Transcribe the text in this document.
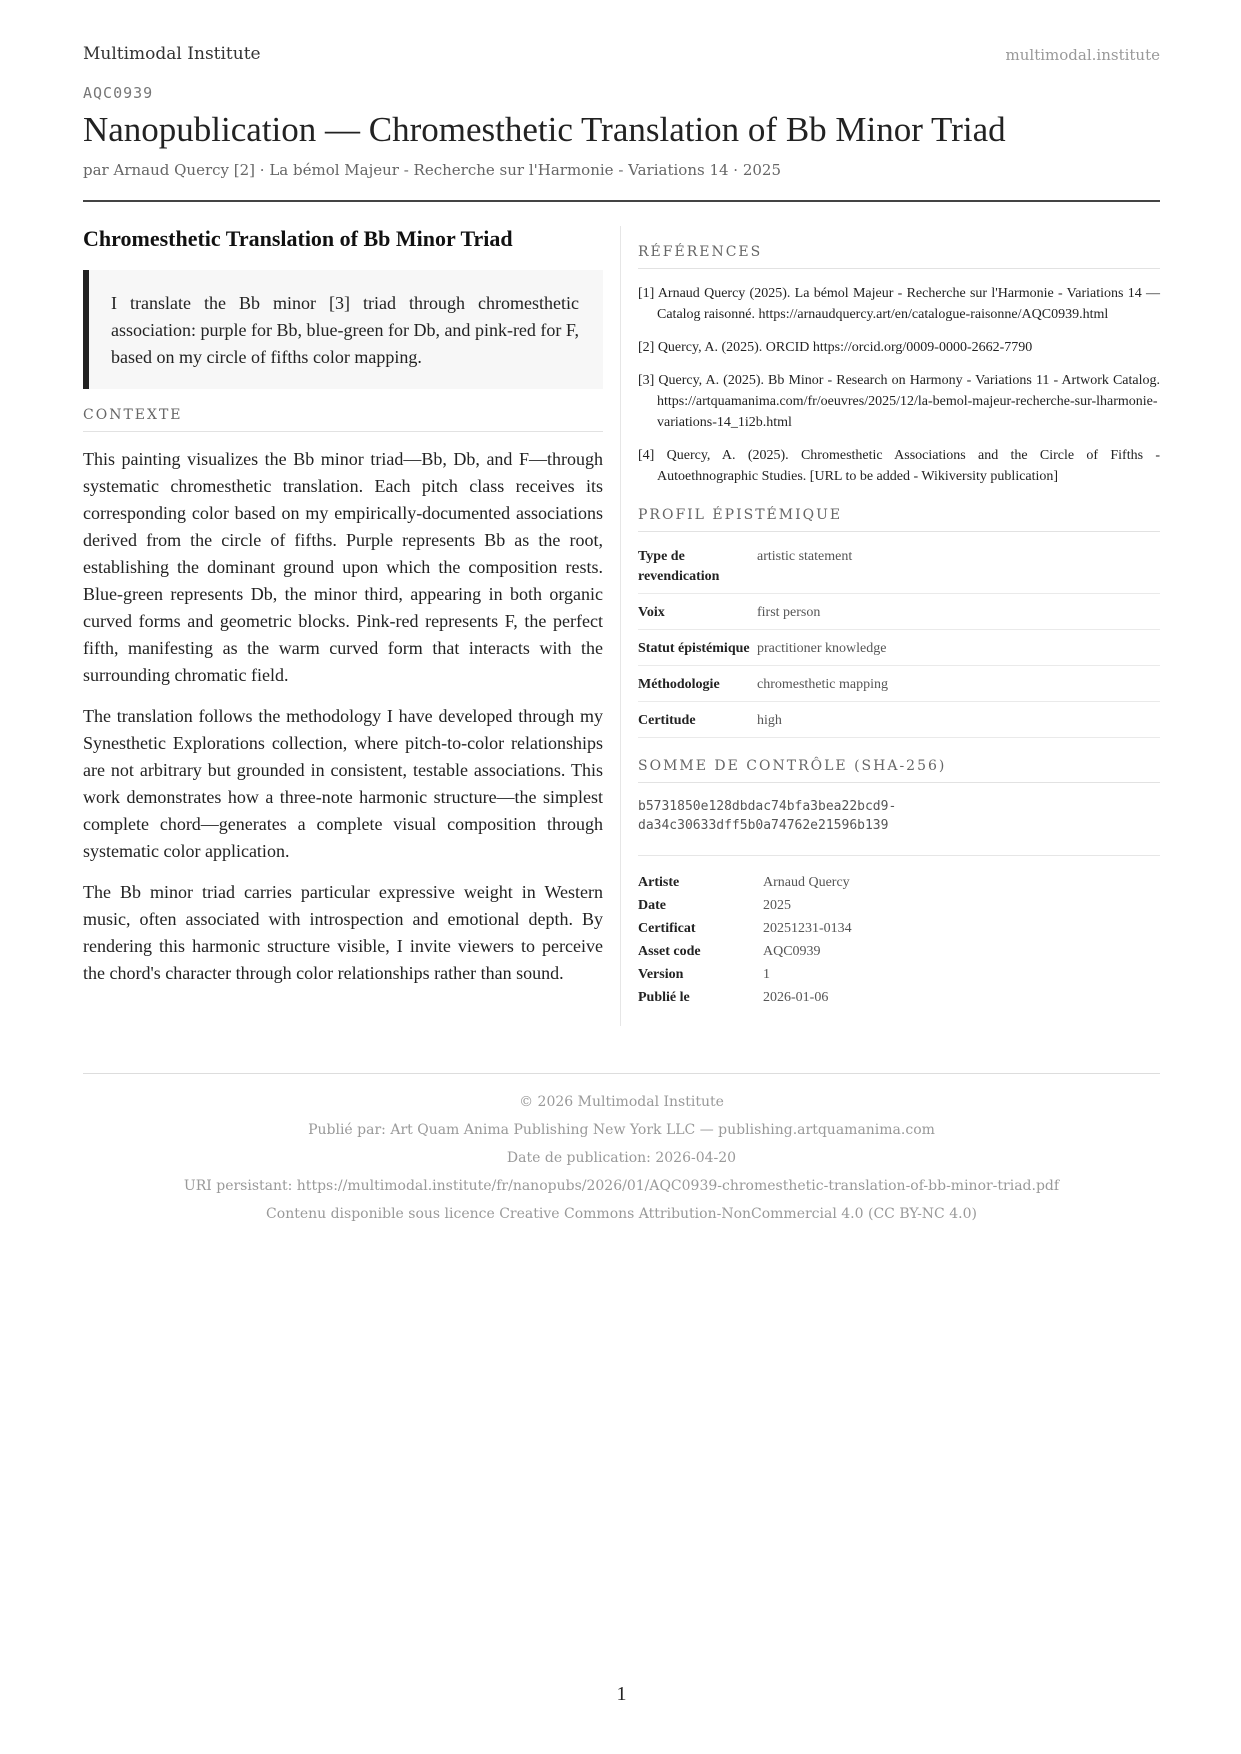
Multimodal Institute	multimodal.institute
AQC0939
Nanopublication — Chromesthetic Translation of Bb Minor Triad
par Arnaud Quercy [2] · La bémol Majeur - Recherche sur l'Harmonie - Variations 14 · 2025
Chromesthetic Translation of Bb Minor Triad
I translate the Bb minor [3] triad through chromesthetic association: purple for Bb, blue-green for Db, and pink-red for F, based on my circle of fifths color mapping.
CONTEXTE

This painting visualizes the Bb minor triad—Bb, Db, and F—through systematic chromesthetic translation. Each pitch class receives its corresponding color based on my empirically-documented associations derived from the circle of fifths. Purple represents Bb as the root, establishing the dominant ground upon which the composition rests. Blue-green represents Db, the minor third, appearing in both organic curved forms and geometric blocks. Pink-red represents F, the perfect fifth, manifesting as the warm curved form that interacts with the surrounding chromatic field.

The translation follows the methodology I have developed through my Synesthetic Explorations collection, where pitch-to-color relationships are not arbitrary but grounded in consistent, testable associations. This work demonstrates how a three-note harmonic structure—the simplest complete chord—generates a complete visual composition through systematic color application.

The Bb minor triad carries particular expressive weight in Western music, often associated with introspection and emotional depth. By rendering this harmonic structure visible, I invite viewers to perceive the chord's character through color relationships rather than sound.

RÉFÉRENCES
[1] Arnaud Quercy (2025). La bémol Majeur - Recherche sur l'Harmonie - Variations 14 — Catalog raisonné. https://arnaudquercy.art/en/catalogue-raisonne/AQC0939.html
[2] Quercy, A. (2025). ORCID https://orcid.org/0009-0000-2662-7790
[3] Quercy, A. (2025). Bb Minor - Research on Harmony - Variations 11 - Artwork Catalog. https://artquamanima.com/fr/oeuvres/2025/12/la-bemol-majeur-recherche-sur-lharmonie-variations-14_1i2b.html
[4] Quercy, A. (2025). Chromesthetic Associations and the Circle of Fifths - Autoethnographic Studies. [URL to be added - Wikiversity publication]
PROFIL ÉPISTÉMIQUE
Type de revendication	artistic statement
Voix	first person
Statut épistémique	practitioner knowledge
Méthodologie	chromesthetic mapping
Certitude	high
SOMME DE CONTRÔLE (SHA-256)
b5731850e128dbdac74bfa3bea22bcd9-
da34c30633dff5b0a74762e21596b139
Artiste	Arnaud Quercy
Date	2025
Certificat	20251231-0134
Asset code	AQC0939
Version	1
Publié le	2026-01-06
© 2026 Multimodal Institute
Publié par: Art Quam Anima Publishing New York LLC — publishing.artquamanima.com
Date de publication: 2026-04-20
URI persistant: https://multimodal.institute/fr/nanopubs/2026/01/AQC0939-chromesthetic-translation-of-bb-minor-triad.pdf
Contenu disponible sous licence Creative Commons Attribution-NonCommercial 4.0 (CC BY-NC 4.0)
1
